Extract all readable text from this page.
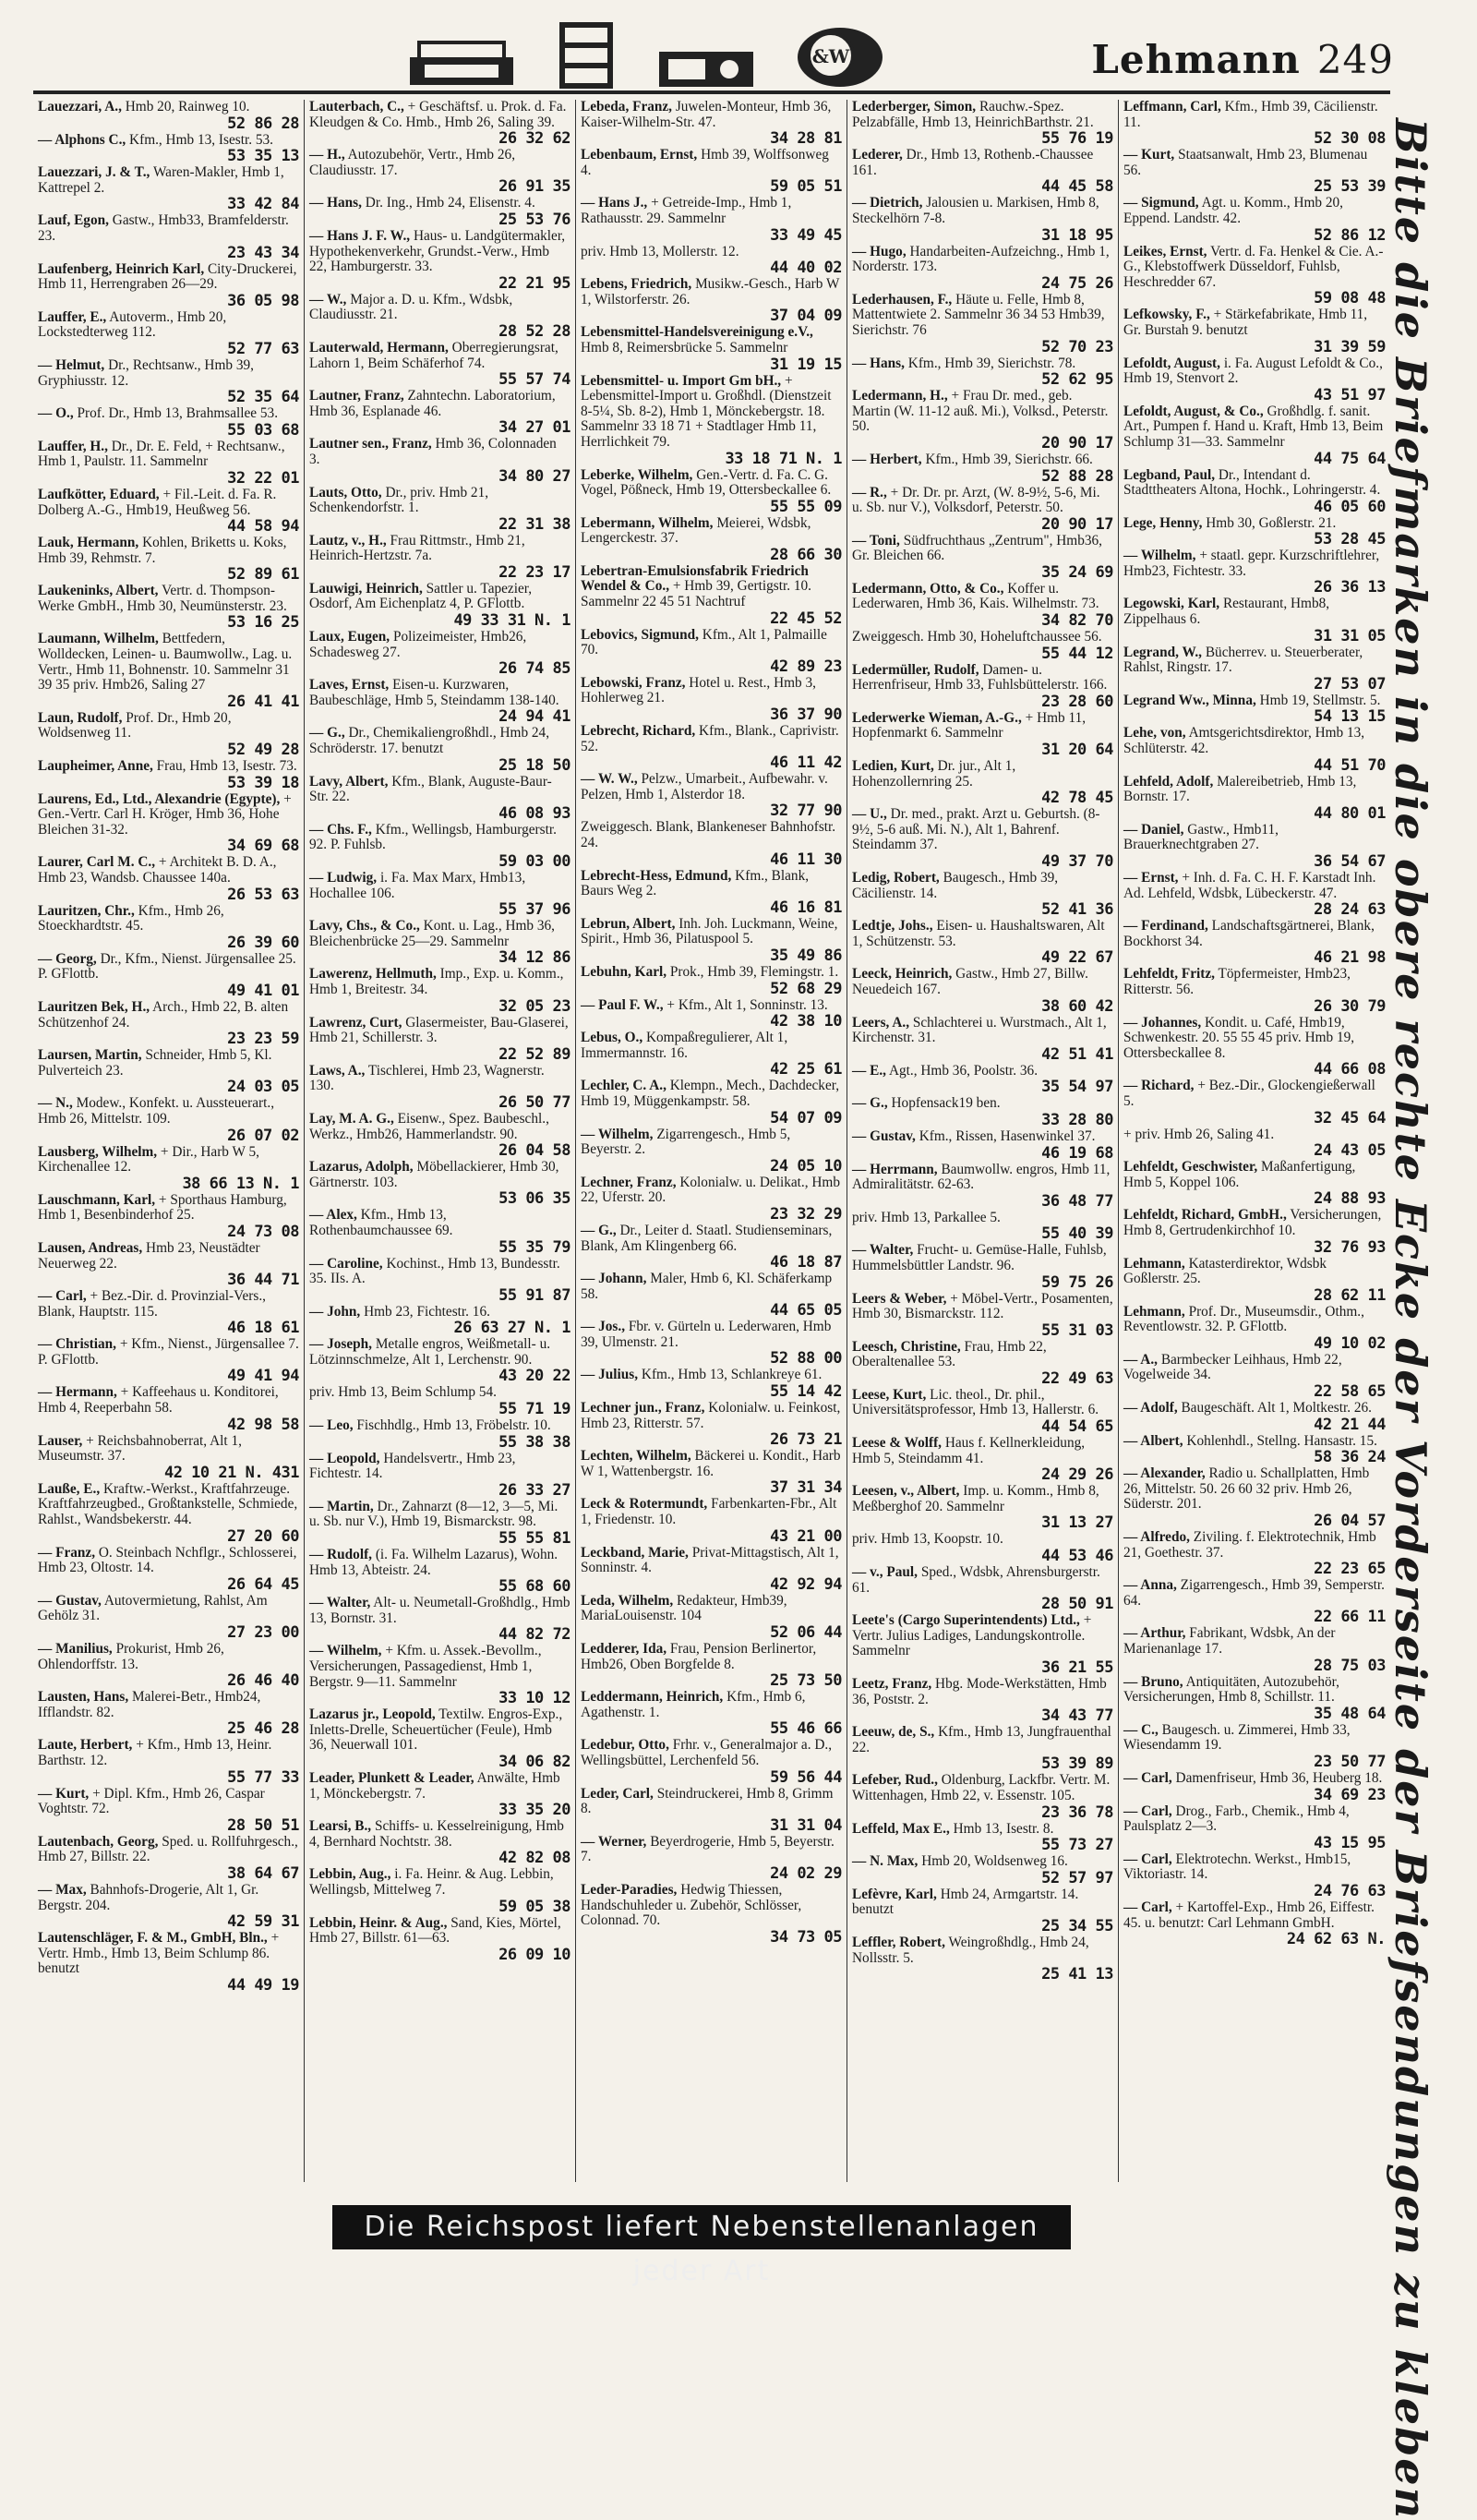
&W	Lehmann 249
Lauezzari, A., Hmb 20, Rainweg 10.
52 86 28
— Alphons C., Kfm., Hmb 13, Isestr. 53.
53 35 13
Lauezzari, J. & T., Waren-Makler, Hmb 1, Kattrepel 2.
33 42 84
Lauf, Egon, Gastw., Hmb33, Bramfelderstr. 23.
23 43 34
Laufenberg, Heinrich Karl, City-Druckerei, Hmb 11, Herrengraben 26—29.
36 05 98
Lauffer, E., Autoverm., Hmb 20, Lockstedterweg 112.
52 77 63
— Helmut, Dr., Rechtsanw., Hmb 39, Gryphiusstr. 12.
52 35 64
— O., Prof. Dr., Hmb 13, Brahmsallee 53.
55 03 68
Lauffer, H., Dr., Dr. E. Feld, + Rechtsanw., Hmb 1, Paulstr. 11. Sammelnr
32 22 01
Laufkötter, Eduard, + Fil.-Leit. d. Fa. R. Dolberg A.-G., Hmb19, Heußweg 56.
44 58 94
Lauk, Hermann, Kohlen, Briketts u. Koks, Hmb 39, Rehmstr. 7.
52 89 61
Laukeninks, Albert, Vertr. d. Thompson-Werke GmbH., Hmb 30, Neumünsterstr. 23.
53 16 25
Laumann, Wilhelm, Bettfedern, Wolldecken, Leinen- u. Baumwollw., Lag. u. Vertr., Hmb 11, Bohnenstr. 10. Sammelnr 31 39 35 priv. Hmb26, Saling 27
26 41 41
Laun, Rudolf, Prof. Dr., Hmb 20, Woldsenweg 11.
52 49 28
Laupheimer, Anne, Frau, Hmb 13, Isestr. 73.
53 39 18
Laurens, Ed., Ltd., Alexandrie (Egypte), + Gen.-Vertr. Carl H. Kröger, Hmb 36, Hohe Bleichen 31-32.
34 69 68
Laurer, Carl M. C., + Architekt B. D. A., Hmb 23, Wandsb. Chaussee 140a.
26 53 63
Lauritzen, Chr., Kfm., Hmb 26, Stoeckhardtstr. 45.
26 39 60
— Georg, Dr., Kfm., Nienst. Jürgensallee 25. P. GFlottb.
49 41 01
Lauritzen Bek, H., Arch., Hmb 22, B. alten Schützenhof 24.
23 23 59
Laursen, Martin, Schneider, Hmb 5, Kl. Pulverteich 23.
24 03 05
— N., Modew., Konfekt. u. Aussteuerart., Hmb 26, Mittelstr. 109.
26 07 02
Lausberg, Wilhelm, + Dir., Harb W 5, Kirchenallee 12.
38 66 13 N. 1
Lauschmann, Karl, + Sporthaus Hamburg, Hmb 1, Besenbinderhof 25.
24 73 08
Lausen, Andreas, Hmb 23, Neustädter Neuerweg 22.
36 44 71
— Carl, + Bez.-Dir. d. Provinzial-Vers., Blank, Hauptstr. 115.
46 18 61
— Christian, + Kfm., Nienst., Jürgensallee 7. P. GFlottb.
49 41 94
— Hermann, + Kaffeehaus u. Konditorei, Hmb 4, Reeperbahn 58.
42 98 58
Lauser, + Reichsbahnoberrat, Alt 1, Museumstr. 37.
42 10 21 N. 431
Lauße, E., Kraftw.-Werkst., Kraftfahrzeuge. Kraftfahrzeugbed., Großtankstelle, Schmiede, Rahlst., Wandsbekerstr. 44.
27 20 60
— Franz, O. Steinbach Nchflgr., Schlosserei, Hmb 23, Oltostr. 14.
26 64 45
— Gustav, Autovermietung, Rahlst, Am Gehölz 31.
27 23 00
— Manilius, Prokurist, Hmb 26, Ohlendorffstr. 13.
26 46 40
Lausten, Hans, Malerei-Betr., Hmb24, Ifflandstr. 82.
25 46 28
Laute, Herbert, + Kfm., Hmb 13, Heinr. Barthstr. 12.
55 77 33
— Kurt, + Dipl. Kfm., Hmb 26, Caspar Voghtstr. 72.
28 50 51
Lautenbach, Georg, Sped. u. Rollfuhrgesch., Hmb 27, Billstr. 22.
38 64 67
— Max, Bahnhofs-Drogerie, Alt 1, Gr. Bergstr. 204.
42 59 31
Lautenschläger, F. & M., GmbH, Bln., + Vertr. Hmb., Hmb 13, Beim Schlump 86. benutzt
44 49 19
Lauterbach, C., + Geschäftsf. u. Prok. d. Fa. Kleudgen & Co. Hmb., Hmb 26, Saling 39.
26 32 62
— H., Autozubehör, Vertr., Hmb 26, Claudiusstr. 17.
26 91 35
— Hans, Dr. Ing., Hmb 24, Elisenstr. 4.
25 53 76
— Hans J. F. W., Haus- u. Landgütermakler, Hypothekenverkehr, Grundst.-Verw., Hmb 22, Hamburgerstr. 33.
22 21 95
— W., Major a. D. u. Kfm., Wdsbk, Claudiusstr. 21.
28 52 28
Lauterwald, Hermann, Oberregierungsrat, Lahorn 1, Beim Schäferhof 74.
55 57 74
Lautner, Franz, Zahntechn. Laboratorium, Hmb 36, Esplanade 46.
34 27 01
Lautner sen., Franz, Hmb 36, Colonnaden 3.
34 80 27
Lauts, Otto, Dr., priv. Hmb 21, Schenkendorfstr. 1.
22 31 38
Lautz, v., H., Frau Rittmstr., Hmb 21, Heinrich-Hertzstr. 7a.
22 23 17
Lauwigi, Heinrich, Sattler u. Tapezier, Osdorf, Am Eichenplatz 4, P. GFlottb.
49 33 31 N. 1
Laux, Eugen, Polizeimeister, Hmb26, Schadesweg 27.
26 74 85
Laves, Ernst, Eisen-u. Kurzwaren, Baubeschläge, Hmb 5, Steindamm 138-140.
24 94 41
— G., Dr., Chemikaliengroßhdl., Hmb 24, Schröderstr. 17. benutzt
25 18 50
Lavy, Albert, Kfm., Blank, Auguste-Baur-Str. 22.
46 08 93
— Chs. F., Kfm., Wellingsb, Hamburgerstr. 92. P. Fuhlsb.
59 03 00
— Ludwig, i. Fa. Max Marx, Hmb13, Hochallee 106.
55 37 96
Lavy, Chs., & Co., Kont. u. Lag., Hmb 36, Bleichenbrücke 25—29. Sammelnr
34 12 86
Lawerenz, Hellmuth, Imp., Exp. u. Komm., Hmb 1, Breitestr. 34.
32 05 23
Lawrenz, Curt, Glasermeister, Bau-Glaserei, Hmb 21, Schillerstr. 3.
22 52 89
Laws, A., Tischlerei, Hmb 23, Wagnerstr. 130.
26 50 77
Lay, M. A. G., Eisenw., Spez. Baubeschl., Werkz., Hmb26, Hammerlandstr. 90.
26 04 58
Lazarus, Adolph, Möbellackierer, Hmb 30, Gärtnerstr. 103.
53 06 35
— Alex, Kfm., Hmb 13, Rothenbaumchaussee 69.
55 35 79
— Caroline, Kochinst., Hmb 13, Bundesstr. 35. IIs. A.
55 91 87
— John, Hmb 23, Fichtestr. 16.
26 63 27 N. 1
— Joseph, Metalle engros, Weißmetall- u. Lötzinnschmelze, Alt 1, Lerchenstr. 90.
43 20 22
priv. Hmb 13, Beim Schlump 54.
55 71 19
— Leo, Fischhdlg., Hmb 13, Fröbelstr. 10.
55 38 38
— Leopold, Handelsvertr., Hmb 23, Fichtestr. 14.
26 33 27
— Martin, Dr., Zahnarzt (8—12, 3—5, Mi. u. Sb. nur V.), Hmb 19, Bismarckstr. 98.
55 55 81
— Rudolf, (i. Fa. Wilhelm Lazarus), Wohn. Hmb 13, Abteistr. 24.
55 68 60
— Walter, Alt- u. Neumetall-Großhdlg., Hmb 13, Bornstr. 31.
44 82 72
— Wilhelm, + Kfm. u. Assek.-Bevollm., Versicherungen, Passagedienst, Hmb 1, Bergstr. 9—11. Sammelnr
33 10 12
Lazarus jr., Leopold, Textilw. Engros-Exp., Inletts-Drelle, Scheuertücher (Feule), Hmb 36, Neuerwall 101.
34 06 82
Leader, Plunkett & Leader, Anwälte, Hmb 1, Mönckebergstr. 7.
33 35 20
Learsi, B., Schiffs- u. Kesselreinigung, Hmb 4, Bernhard Nochtstr. 38.
42 82 08
Lebbin, Aug., i. Fa. Heinr. & Aug. Lebbin, Wellingsb, Mittelweg 7.
59 05 38
Lebbin, Heinr. & Aug., Sand, Kies, Mörtel, Hmb 27, Billstr. 61—63.
26 09 10
Lebeda, Franz, Juwelen-Monteur, Hmb 36, Kaiser-Wilhelm-Str. 47.
34 28 81
Lebenbaum, Ernst, Hmb 39, Wolffsonweg 4.
59 05 51
— Hans J., + Getreide-Imp., Hmb 1, Rathausstr. 29. Sammelnr
33 49 45
priv. Hmb 13, Mollerstr. 12.
44 40 02
Lebens, Friedrich, Musikw.-Gesch., Harb W 1, Wilstorferstr. 26.
37 04 09
Lebensmittel-Handelsvereinigung e.V., Hmb 8, Reimersbrücke 5. Sammelnr
31 19 15
Lebensmittel- u. Import Gm bH., + Lebensmittel-Import u. Großhdl. (Dienstzeit 8-5¼, Sb. 8-2), Hmb 1, Mönckebergstr. 18. Sammelnr 33 18 71 + Stadtlager Hmb 11, Herrlichkeit 79.
33 18 71 N. 1
Leberke, Wilhelm, Gen.-Vertr. d. Fa. C. G. Vogel, Pößneck, Hmb 19, Ottersbeckallee 6.
55 55 09
Lebermann, Wilhelm, Meierei, Wdsbk, Lengerckestr. 37.
28 66 30
Lebertran-Emulsionsfabrik Friedrich Wendel & Co., + Hmb 39, Gertigstr. 10. Sammelnr 22 45 51 Nachtruf
22 45 52
Lebovics, Sigmund, Kfm., Alt 1, Palmaille 70.
42 89 23
Lebowski, Franz, Hotel u. Rest., Hmb 3, Hohlerweg 21.
36 37 90
Lebrecht, Richard, Kfm., Blank., Caprivistr. 52.
46 11 42
— W. W., Pelzw., Umarbeit., Aufbewahr. v. Pelzen, Hmb 1, Alsterdor 18.
32 77 90
Zweiggesch. Blank, Blankeneser Bahnhofstr. 24.
46 11 30
Lebrecht-Hess, Edmund, Kfm., Blank, Baurs Weg 2.
46 16 81
Lebrun, Albert, Inh. Joh. Luckmann, Weine, Spirit., Hmb 36, Pilatuspool 5.
35 49 86
Lebuhn, Karl, Prok., Hmb 39, Flemingstr. 1.
52 68 29
— Paul F. W., + Kfm., Alt 1, Sonninstr. 13.
42 38 10
Lebus, O., Kompaßregulierer, Alt 1, Immermannstr. 16.
42 25 61
Lechler, C. A., Klempn., Mech., Dachdecker, Hmb 19, Müggenkampstr. 58.
54 07 09
— Wilhelm, Zigarrengesch., Hmb 5, Beyerstr. 2.
24 05 10
Lechner, Franz, Kolonialw. u. Delikat., Hmb 22, Uferstr. 20.
23 32 29
— G., Dr., Leiter d. Staatl. Studienseminars, Blank, Am Klingenberg 66.
46 18 87
— Johann, Maler, Hmb 6, Kl. Schäferkamp 58.
44 65 05
— Jos., Fbr. v. Gürteln u. Lederwaren, Hmb 39, Ulmenstr. 21.
52 88 00
— Julius, Kfm., Hmb 13, Schlankreye 61.
55 14 42
Lechner jun., Franz, Kolonialw. u. Feinkost, Hmb 23, Ritterstr. 57.
26 73 21
Lechten, Wilhelm, Bäckerei u. Kondit., Harb W 1, Wattenbergstr. 16.
37 31 34
Leck & Rotermundt, Farbenkarten-Fbr., Alt 1, Friedenstr. 10.
43 21 00
Leckband, Marie, Privat-Mittagstisch, Alt 1, Sonninstr. 4.
42 92 94
Leda, Wilhelm, Redakteur, Hmb39, MariaLouisenstr. 104
52 06 44
Ledderer, Ida, Frau, Pension Berlinertor, Hmb26, Oben Borgfelde 8.
25 73 50
Leddermann, Heinrich, Kfm., Hmb 6, Agathenstr. 1.
55 46 66
Ledebur, Otto, Frhr. v., Generalmajor a. D., Wellingsbüttel, Lerchenfeld 56.
59 56 44
Leder, Carl, Steindruckerei, Hmb 8, Grimm 8.
31 31 04
— Werner, Beyerdrogerie, Hmb 5, Beyerstr. 7.
24 02 29
Leder-Paradies, Hedwig Thiessen, Handschuhleder u. Zubehör, Schlösser, Colonnad. 70.
34 73 05
Lederberger, Simon, Rauchw.-Spez. Pelzabfälle, Hmb 13, HeinrichBarthstr. 21.
55 76 19
Lederer, Dr., Hmb 13, Rothenb.-Chaussee 161.
44 45 58
— Dietrich, Jalousien u. Markisen, Hmb 8, Steckelhörn 7-8.
31 18 95
— Hugo, Handarbeiten-Aufzeichng., Hmb 1, Norderstr. 173.
24 75 26
Lederhausen, F., Häute u. Felle, Hmb 8, Mattentwiete 2. Sammelnr 36 34 53 Hmb39, Sierichstr. 76
52 70 23
— Hans, Kfm., Hmb 39, Sierichstr. 78.
52 62 95
Ledermann, H., + Frau Dr. med., geb. Martin (W. 11-12 auß. Mi.), Volksd., Peterstr. 50.
20 90 17
— Herbert, Kfm., Hmb 39, Sierichstr. 66.
52 88 28
— R., + Dr. Dr. pr. Arzt, (W. 8-9½, 5-6, Mi. u. Sb. nur V.), Volksdorf, Peterstr. 50.
20 90 17
— Toni, Südfruchthaus „Zentrum", Hmb36, Gr. Bleichen 66.
35 24 69
Ledermann, Otto, & Co., Koffer u. Lederwaren, Hmb 36, Kais. Wilhelmstr. 73.
34 82 70
Zweiggesch. Hmb 30, Hoheluftchaussee 56.
55 44 12
Ledermüller, Rudolf, Damen- u. Herrenfriseur, Hmb 33, Fuhlsbüttelerstr. 166.
23 28 60
Lederwerke Wieman, A.-G., + Hmb 11, Hopfenmarkt 6. Sammelnr
31 20 64
Ledien, Kurt, Dr. jur., Alt 1, Hohenzollernring 25.
42 78 45
— U., Dr. med., prakt. Arzt u. Geburtsh. (8-9½, 5-6 auß. Mi. N.), Alt 1, Bahrenf. Steindamm 37.
49 37 70
Ledig, Robert, Baugesch., Hmb 39, Cäcilienstr. 14.
52 41 36
Ledtje, Johs., Eisen- u. Haushaltswaren, Alt 1, Schützenstr. 53.
49 22 67
Leeck, Heinrich, Gastw., Hmb 27, Billw. Neuedeich 167.
38 60 42
Leers, A., Schlachterei u. Wurstmach., Alt 1, Kirchenstr. 31.
42 51 41
— E., Agt., Hmb 36, Poolstr. 36.
35 54 97
— G., Hopfensack19 ben.
33 28 80
— Gustav, Kfm., Rissen, Hasenwinkel 37.
46 19 68
— Herrmann, Baumwollw. engros, Hmb 11, Admiralitätstr. 62-63.
36 48 77
priv. Hmb 13, Parkallee 5.
55 40 39
— Walter, Frucht- u. Gemüse-Halle, Fuhlsb, Hummelsbüttler Landstr. 96.
59 75 26
Leers & Weber, + Möbel-Vertr., Posamenten, Hmb 30, Bismarckstr. 112.
55 31 03
Leesch, Christine, Frau, Hmb 22, Oberaltenallee 53.
22 49 63
Leese, Kurt, Lic. theol., Dr. phil., Universitätsprofessor, Hmb 13, Hallerstr. 6.
44 54 65
Leese & Wolff, Haus f. Kellnerkleidung, Hmb 5, Steindamm 41.
24 29 26
Leesen, v., Albert, Imp. u. Komm., Hmb 8, Meßberghof 20. Sammelnr
31 13 27
priv. Hmb 13, Koopstr. 10.
44 53 46
— v., Paul, Sped., Wdsbk, Ahrensburgerstr. 61.
28 50 91
Leete's (Cargo Superintendents) Ltd., + Vertr. Julius Ladiges, Landungskontrolle. Sammelnr
36 21 55
Leetz, Franz, Hbg. Mode-Werkstätten, Hmb 36, Poststr. 2.
34 43 77
Leeuw, de, S., Kfm., Hmb 13, Jungfrauenthal 22.
53 39 89
Lefeber, Rud., Oldenburg, Lackfbr. Vertr. M. Wittenhagen, Hmb 22, v. Essenstr. 105.
23 36 78
Leffeld, Max E., Hmb 13, Isestr. 8.
55 73 27
— N. Max, Hmb 20, Woldsenweg 16.
52 57 97
Lefèvre, Karl, Hmb 24, Armgartstr. 14. benutzt
25 34 55
Leffler, Robert, Weingroßhdlg., Hmb 24, Nollsstr. 5.
25 41 13
Leffmann, Carl, Kfm., Hmb 39, Cäcilienstr. 11.
52 30 08
— Kurt, Staatsanwalt, Hmb 23, Blumenau 56.
25 53 39
— Sigmund, Agt. u. Komm., Hmb 20, Eppend. Landstr. 42.
52 86 12
Leikes, Ernst, Vertr. d. Fa. Henkel & Cie. A.-G., Klebstoffwerk Düsseldorf, Fuhlsb, Heschredder 67.
59 08 48
Lefkowsky, F., + Stärkefabrikate, Hmb 11, Gr. Burstah 9. benutzt
31 39 59
Lefoldt, August, i. Fa. August Lefoldt & Co., Hmb 19, Stenvort 2.
43 51 97
Lefoldt, August, & Co., Großhdlg. f. sanit. Art., Pumpen f. Hand u. Kraft, Hmb 13, Beim Schlump 31—33. Sammelnr
44 75 64
Legband, Paul, Dr., Intendant d. Stadttheaters Altona, Hochk., Lohringerstr. 4.
46 05 60
Lege, Henny, Hmb 30, Goßlerstr. 21.
53 28 45
— Wilhelm, + staatl. gepr. Kurzschriftlehrer, Hmb23, Fichtestr. 33.
26 36 13
Legowski, Karl, Restaurant, Hmb8, Zippelhaus 6.
31 31 05
Legrand, W., Bücherrev. u. Steuerberater, Rahlst, Ringstr. 17.
27 53 07
Legrand Ww., Minna, Hmb 19, Stellmstr. 5.
54 13 15
Lehe, von, Amtsgerichtsdirektor, Hmb 13, Schlüterstr. 42.
44 51 70
Lehfeld, Adolf, Malereibetrieb, Hmb 13, Bornstr. 17.
44 80 01
— Daniel, Gastw., Hmb11, Brauerknechtgraben 27.
36 54 67
— Ernst, + Inh. d. Fa. C. H. F. Karstadt Inh. Ad. Lehfeld, Wdsbk, Lübeckerstr. 47.
28 24 63
— Ferdinand, Landschaftsgärtnerei, Blank, Bockhorst 34.
46 21 98
Lehfeldt, Fritz, Töpfermeister, Hmb23, Ritterstr. 56.
26 30 79
— Johannes, Kondit. u. Café, Hmb19, Schwenkestr. 20. 55 55 45 priv. Hmb 19, Ottersbeckallee 8.
44 66 08
— Richard, + Bez.-Dir., Glockengießerwall 5.
32 45 64
+ priv. Hmb 26, Saling 41.
24 43 05
Lehfeldt, Geschwister, Maßanfertigung, Hmb 5, Koppel 106.
24 88 93
Lehfeldt, Richard, GmbH., Versicherungen, Hmb 8, Gertrudenkirchhof 10.
32 76 93
Lehmann, Katasterdirektor, Wdsbk Goßlerstr. 25.
28 62 11
Lehmann, Prof. Dr., Museumsdir., Othm., Reventlowstr. 32. P. GFlottb.
49 10 02
— A., Barmbecker Leihhaus, Hmb 22, Vogelweide 34.
22 58 65
— Adolf, Baugeschäft. Alt 1, Moltkestr. 26.
42 21 44
— Albert, Kohlenhdl., Stellng. Hansastr. 15.
58 36 24
— Alexander, Radio u. Schallplatten, Hmb 26, Mittelstr. 50. 26 60 32 priv. Hmb 26, Süderstr. 201.
26 04 57
— Alfredo, Ziviling. f. Elektrotechnik, Hmb 21, Goethestr. 37.
22 23 65
— Anna, Zigarrengesch., Hmb 39, Semperstr. 64.
22 66 11
— Arthur, Fabrikant, Wdsbk, An der Marienanlage 17.
28 75 03
— Bruno, Antiquitäten, Autozubehör, Versicherungen, Hmb 8, Schillstr. 11.
35 48 64
— C., Baugesch. u. Zimmerei, Hmb 33, Wiesendamm 19.
23 50 77
— Carl, Damenfriseur, Hmb 36, Heuberg 18.
34 69 23
— Carl, Drog., Farb., Chemik., Hmb 4, Paulsplatz 2—3.
43 15 95
— Carl, Elektrotechn. Werkst., Hmb15, Viktoriastr. 14.
24 76 63
— Carl, + Kartoffel-Exp., Hmb 26, Eiffestr. 45. u. benutzt: Carl Lehmann GmbH.
24 62 63 N. Bitte die Briefmarken in die obere rechte Ecke der Vorderseite der Briefsendungen zu kleben
Die Reichspost liefert Nebenstellenanlagen jeder Art
